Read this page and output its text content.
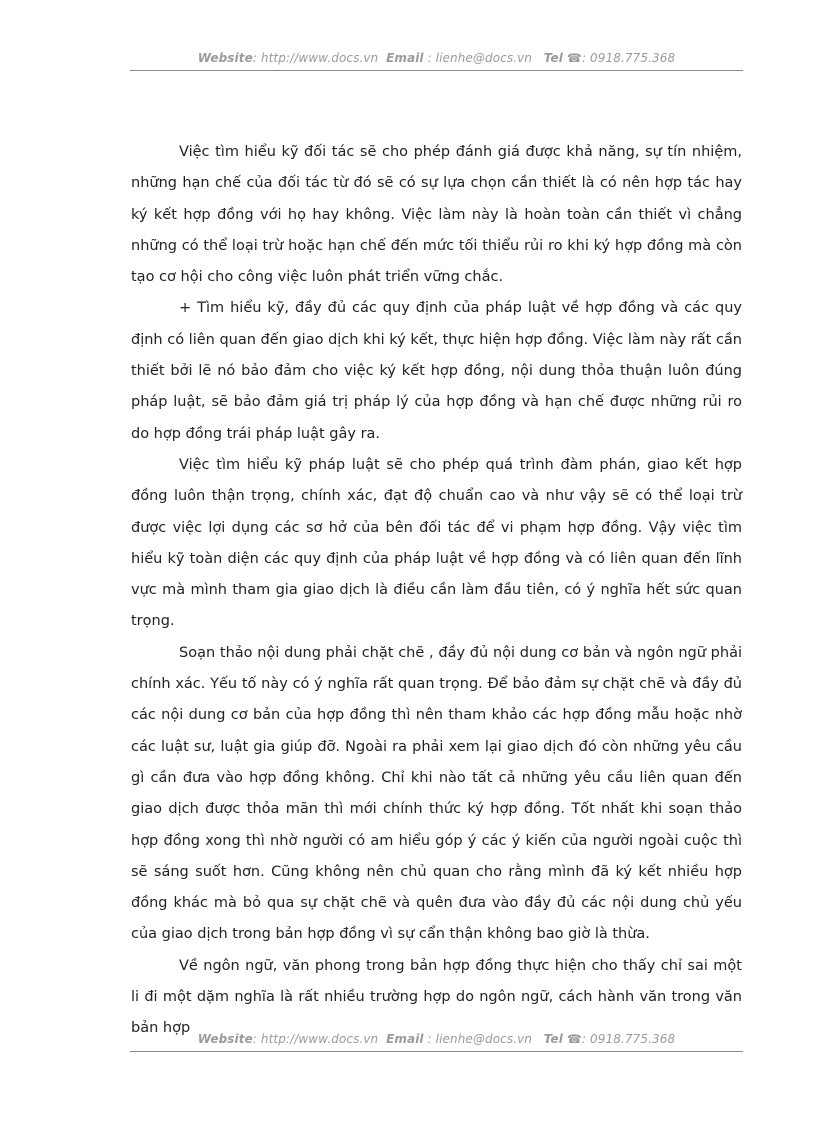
Website: http://www.docs.vn Email : lienhe@docs.vn Tel ☎: 0918.775.368

Việc tìm hiểu kỹ đối tác sẽ cho phép đánh giá được khả năng, sự tín nhiệm, những hạn chế của đối tác từ đó sẽ có sự lựa chọn cần thiết là có nên hợp tác hay ký kết hợp đồng với họ hay không. Việc làm này là hoàn toàn cần thiết vì chẳng những có thể loại trừ hoặc hạn chế đến mức tối thiểu rủi ro khi ký hợp đồng mà còn tạo cơ hội cho công việc luôn phát triển vững chắc.

+ Tìm hiểu kỹ, đầy đủ các quy định của pháp luật về hợp đồng và các quy định có liên quan đến giao dịch khi ký kết, thực hiện hợp đồng. Việc làm này rất cần thiết bởi lẽ nó bảo đảm cho việc ký kết hợp đồng, nội dung thỏa thuận luôn đúng pháp luật, sẽ bảo đảm giá trị pháp lý của hợp đồng và hạn chế được những rủi ro do hợp đồng trái pháp luật gây ra.

Việc tìm hiểu kỹ pháp luật sẽ cho phép quá trình đàm phán, giao kết hợp đồng luôn thận trọng, chính xác, đạt độ chuẩn cao và như vậy sẽ có thể loại trừ được việc lợi dụng các sơ hở của bên đối tác để vi phạm hợp đồng. Vậy việc tìm hiểu kỹ toàn diện các quy định của pháp luật về hợp đồng và có liên quan đến lĩnh vực mà mình tham gia giao dịch là điều cần làm đầu tiên, có ý nghĩa hết sức quan trọng.

Soạn thảo nội dung phải chặt chẽ , đầy đủ nội dung cơ bản và ngôn ngữ phải chính xác. Yếu tố này có ý nghĩa rất quan trọng. Để bảo đảm sự chặt chẽ và đầy đủ các nội dung cơ bản của hợp đồng thì nên tham khảo các hợp đồng mẫu hoặc nhờ các luật sư, luật gia giúp đỡ. Ngoài ra phải xem lại giao dịch đó còn những yêu cầu gì cần đưa vào hợp đồng không. Chỉ khi nào tất cả những yêu cầu liên quan đến giao dịch được thỏa mãn thì mới chính thức ký hợp đồng. Tốt nhất khi soạn thảo hợp đồng xong thì nhờ người có am hiểu góp ý các ý kiến của người ngoài cuộc thì sẽ sáng suốt hơn. Cũng không nên chủ quan cho rằng mình đã ký kết nhiều hợp đồng khác mà bỏ qua sự chặt chẽ và quên đưa vào đầy đủ các nội dung chủ yếu của giao dịch trong bản hợp đồng vì sự cẩn thận không bao giờ là thừa.

Về ngôn ngữ, văn phong trong bản hợp đồng thực hiện cho thấy chỉ sai một li đi một dặm nghĩa là rất nhiều trường hợp do ngôn ngữ, cách hành văn trong văn bản hợp

Website: http://www.docs.vn Email : lienhe@docs.vn Tel ☎: 0918.775.368
